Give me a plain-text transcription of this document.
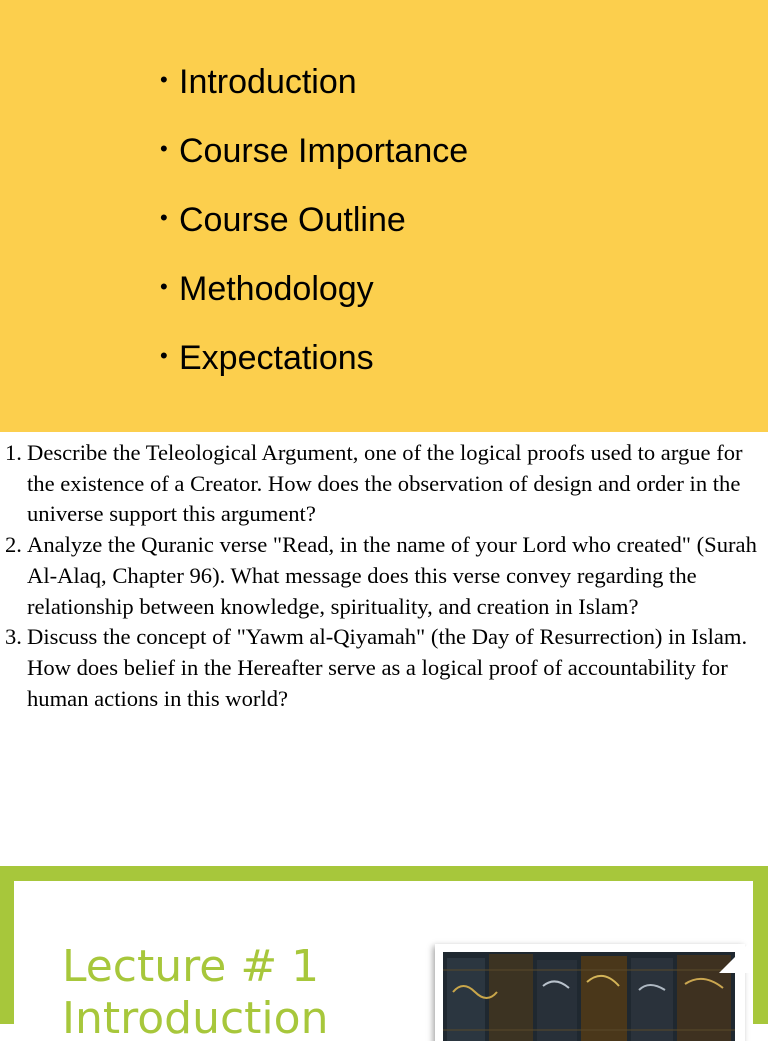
• Introduction
• Course Importance
• Course Outline
• Methodology
• Expectations
1. Describe the Teleological Argument, one of the logical proofs used to argue for the existence of a Creator. How does the observation of design and order in the universe support this argument?
2. Analyze the Quranic verse "Read, in the name of your Lord who created" (Surah Al-Alaq, Chapter 96). What message does this verse convey regarding the relationship between knowledge, spirituality, and creation in Islam?
3. Discuss the concept of "Yawm al-Qiyamah" (the Day of Resurrection) in Islam. How does belief in the Hereafter serve as a logical proof of accountability for human actions in this world?
Lecture # 1
Introduction
